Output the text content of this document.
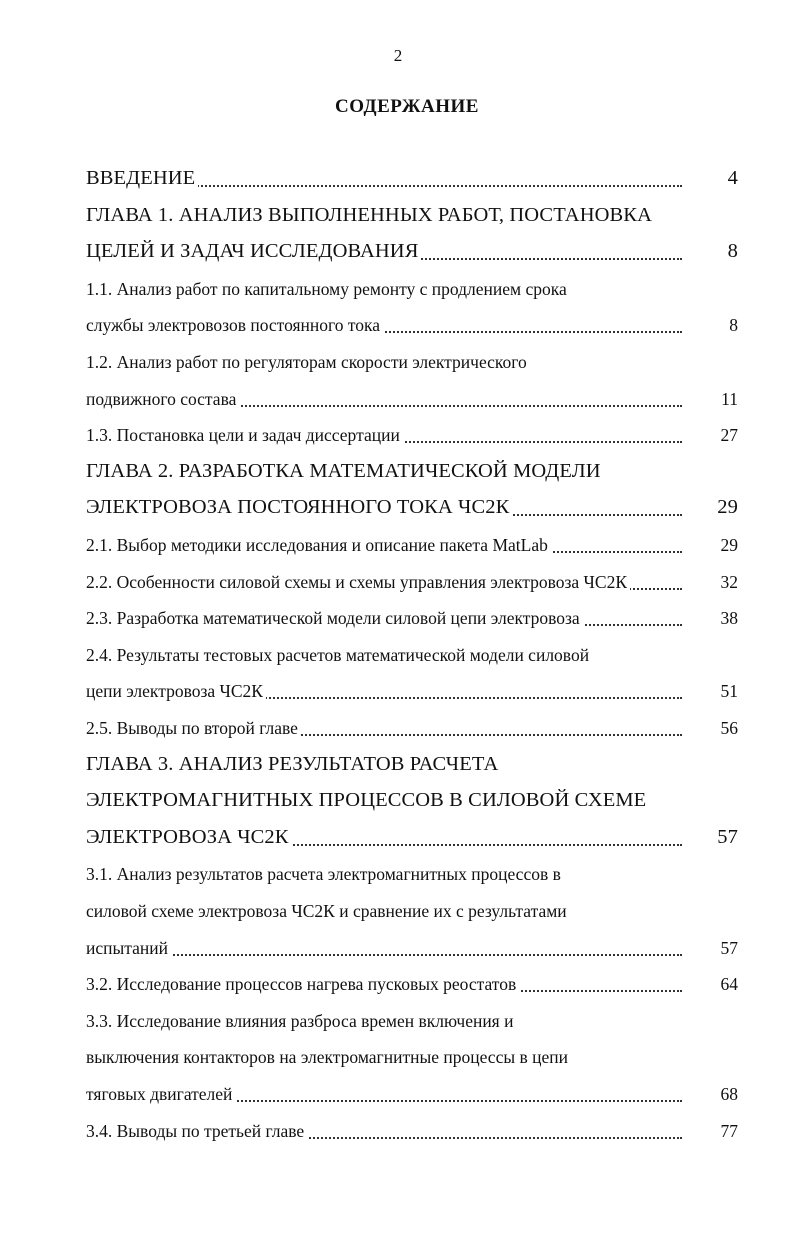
2
СОДЕРЖАНИЕ
ВВЕДЕНИЕ	4
ГЛАВА 1. АНАЛИЗ ВЫПОЛНЕННЫХ РАБОТ, ПОСТАНОВКА
ЦЕЛЕЙ И ЗАДАЧ ИССЛЕДОВАНИЯ	8
1.1. Анализ работ по капитальному ремонту с продлением срока
службы электровозов постоянного тока	8
1.2. Анализ работ по регуляторам скорости электрического
подвижного состава	11
1.3. Постановка цели и задач диссертации	27
ГЛАВА 2. РАЗРАБОТКА МАТЕМАТИЧЕСКОЙ МОДЕЛИ
ЭЛЕКТРОВОЗА ПОСТОЯННОГО ТОКА ЧС2К	29
2.1. Выбор методики исследования и описание пакета MatLab	29
2.2. Особенности силовой схемы и схемы управления электровоза ЧС2К	32
2.3. Разработка математической модели силовой цепи электровоза	38
2.4. Результаты тестовых расчетов математической модели силовой
цепи электровоза ЧС2К	51
2.5. Выводы по второй главе	56
ГЛАВА 3. АНАЛИЗ РЕЗУЛЬТАТОВ РАСЧЕТА
ЭЛЕКТРОМАГНИТНЫХ ПРОЦЕССОВ В СИЛОВОЙ СХЕМЕ
ЭЛЕКТРОВОЗА ЧС2К	57
3.1. Анализ результатов расчета электромагнитных процессов в
силовой схеме электровоза ЧС2К и сравнение их с результатами
испытаний	57
3.2. Исследование процессов нагрева пусковых реостатов	64
3.3. Исследование влияния разброса времен включения и
выключения контакторов на электромагнитные процессы в цепи
тяговых двигателей	68
3.4. Выводы по третьей главе	77
